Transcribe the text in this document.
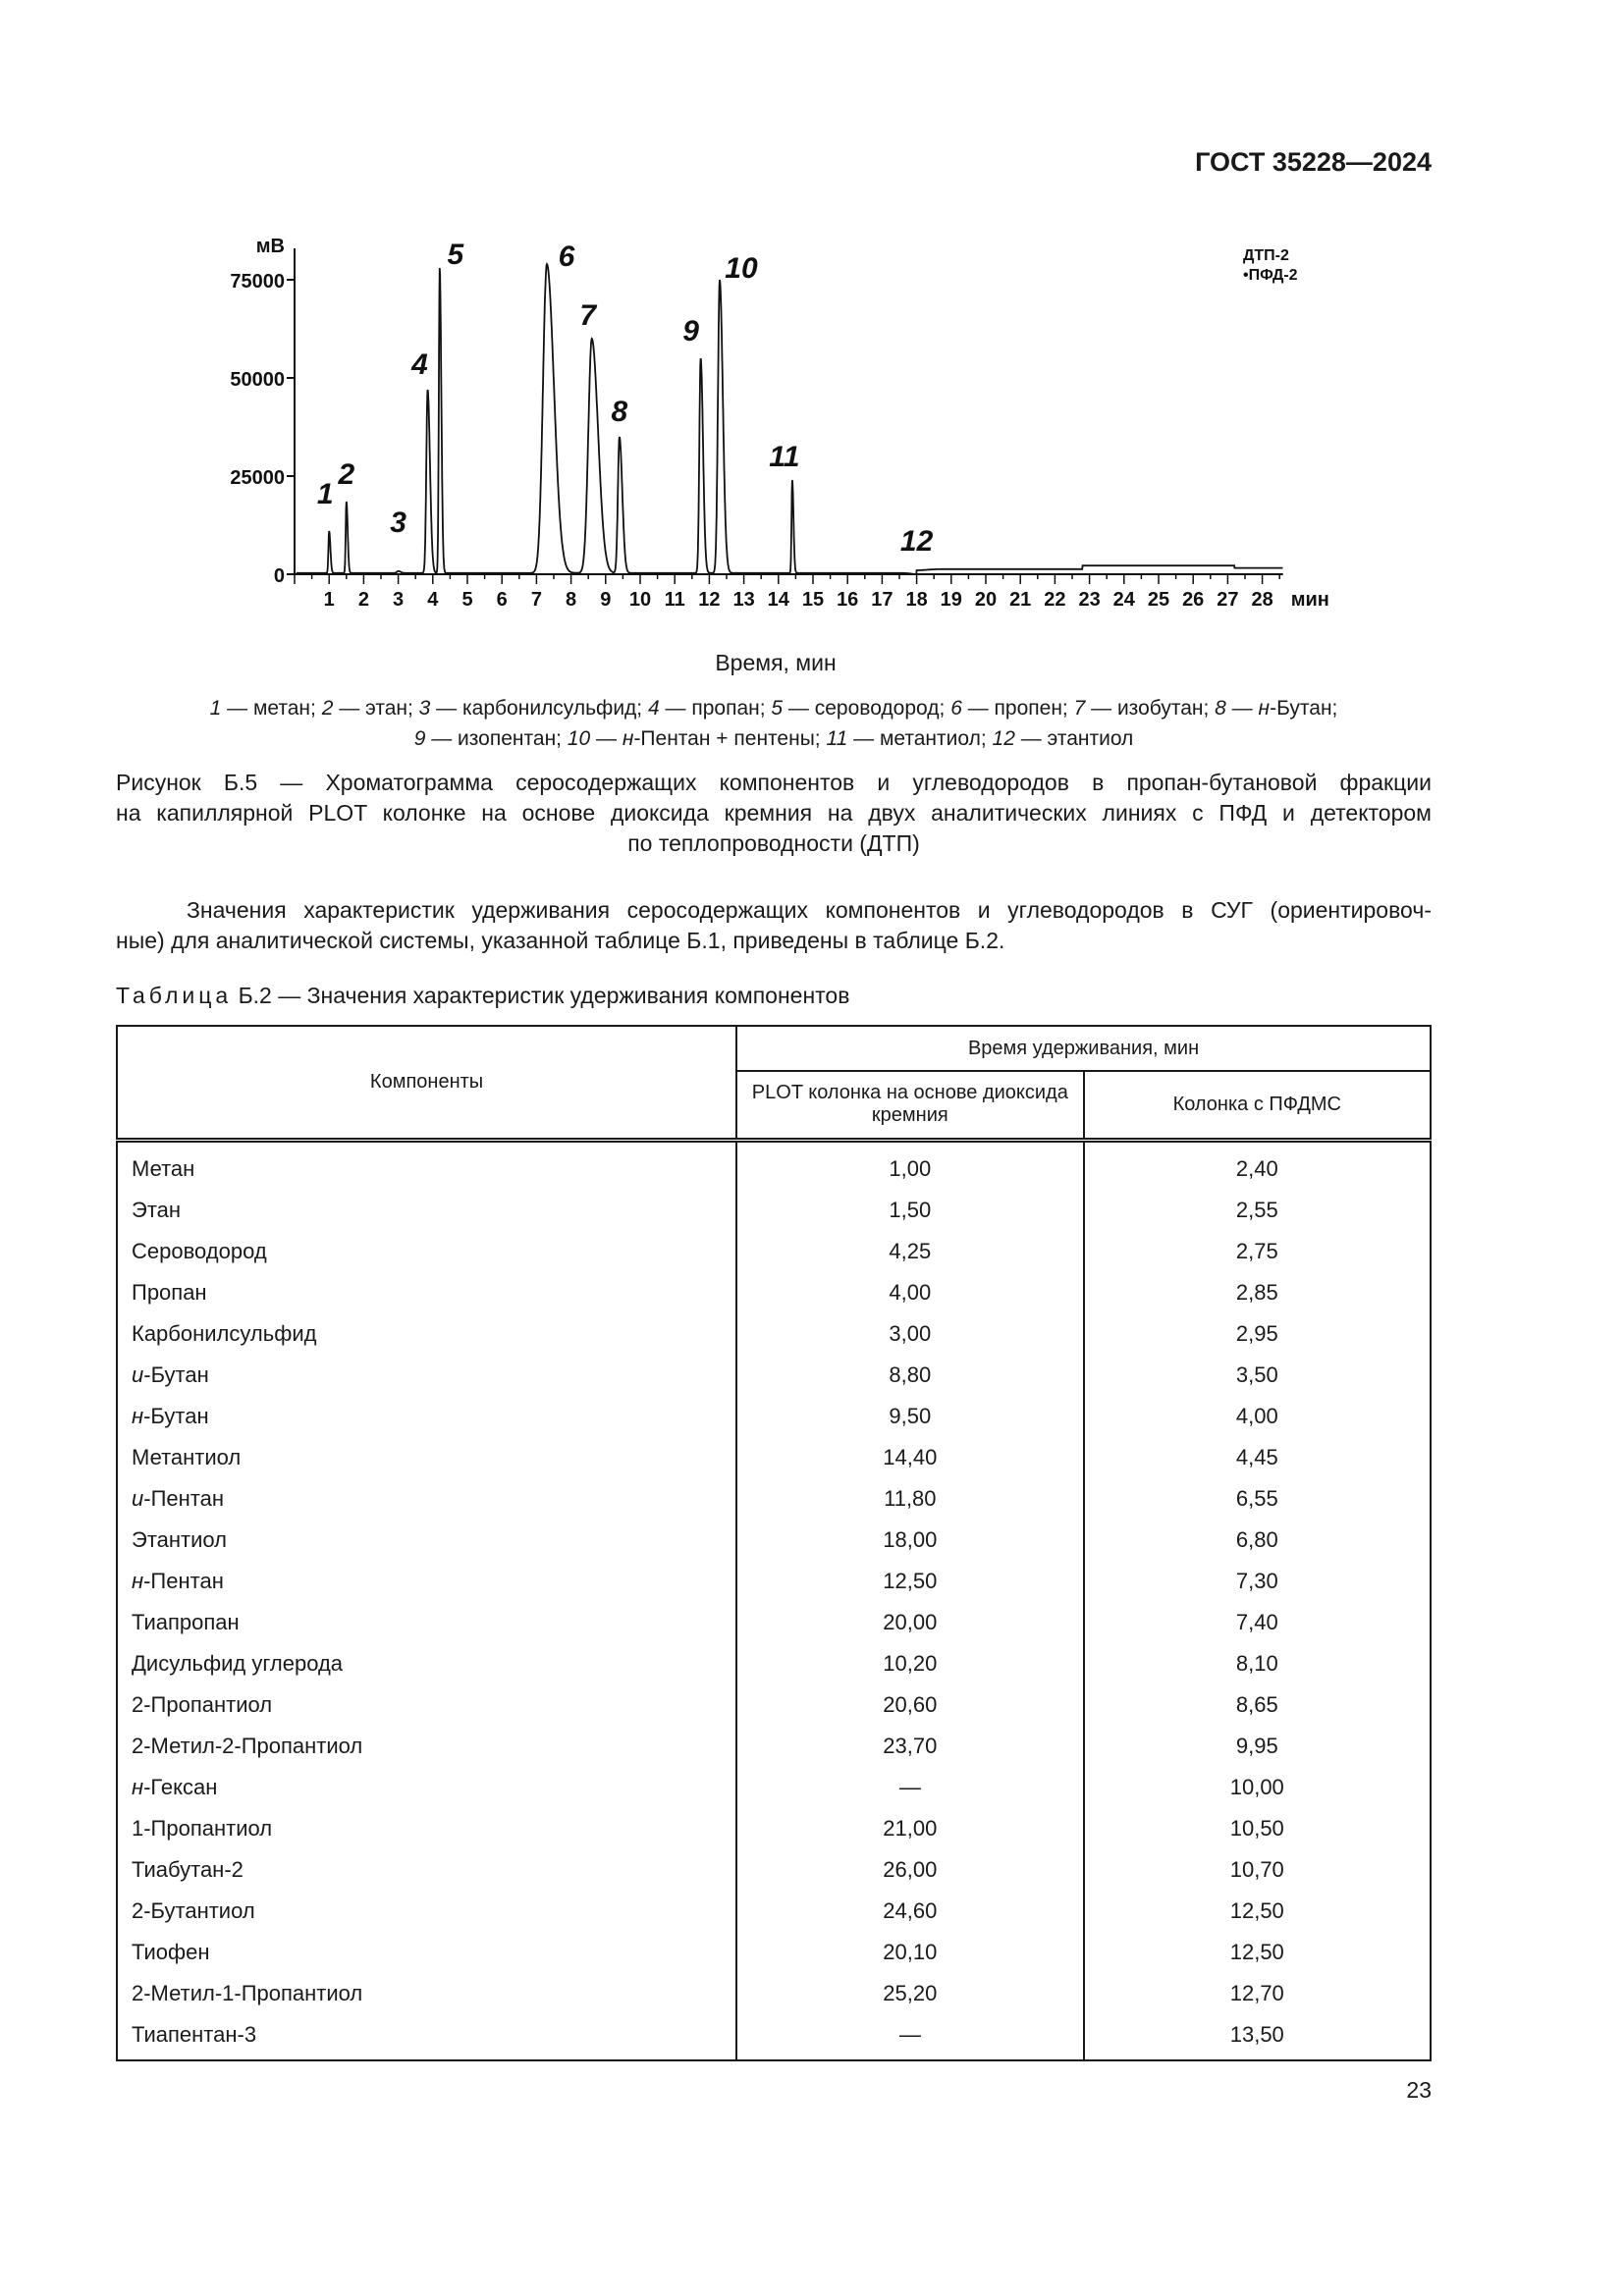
ГОСТ 35228—2024
0
25000
50000
75000
мВ
1 2 3 4 5 6 7 8 9 10 11 12 13 14 15 16 17 18 19 20 21 22 23 24 25 26 27 28 мин
1
2
3
4
5	6
7
8
9
10
11
12
ДТП-2
•ПФД-2
Время, мин
1 — метан; 2 — этан; 3 — карбонилсульфид; 4 — пропан; 5 — сероводород; 6 — пропен; 7 — изобутан; 8 — н-Бутан;
9 — изопентан; 10 — н-Пентан + пентены; 11 — метантиол; 12 — этантиол
Рисунок Б.5 — Хроматограмма серосодержащих компонентов и углеводородов в пропан-бутановой фракции
на капиллярной PLOT колонке на основе диоксида кремния на двух аналитических линиях с ПФД и детектором
по теплопроводности (ДТП)
Значения характеристик удерживания серосодержащих компонентов и углеводородов в СУГ (ориентировоч-
ные) для аналитической системы, указанной таблице Б.1, приведены в таблице Б.2.
Таблица Б.2 — Значения характеристик удерживания компонентов
Компоненты	Время удерживания, мин	
	PLOT колонка на основе диоксида кремния	Колонка с ПФДМС
Метан	1,00	2,40
Этан	1,50	2,55
Сероводород	4,25	2,75
Пропан	4,00	2,85
Карбонилсульфид	3,00	2,95
и-Бутан	8,80	3,50
н-Бутан	9,50	4,00
Метантиол	14,40	4,45
и-Пентан	11,80	6,55
Этантиол	18,00	6,80
н-Пентан	12,50	7,30
Тиапропан	20,00	7,40
Дисульфид углерода	10,20	8,10
2-Пропантиол	20,60	8,65
2-Метил-2-Пропантиол	23,70	9,95
н-Гексан	—	10,00
1-Пропантиол	21,00	10,50
Тиабутан-2	26,00	10,70
2-Бутантиол	24,60	12,50
Тиофен	20,10	12,50
2-Метил-1-Пропантиол	25,20	12,70
Тиапентан-3	—	13,50
23
